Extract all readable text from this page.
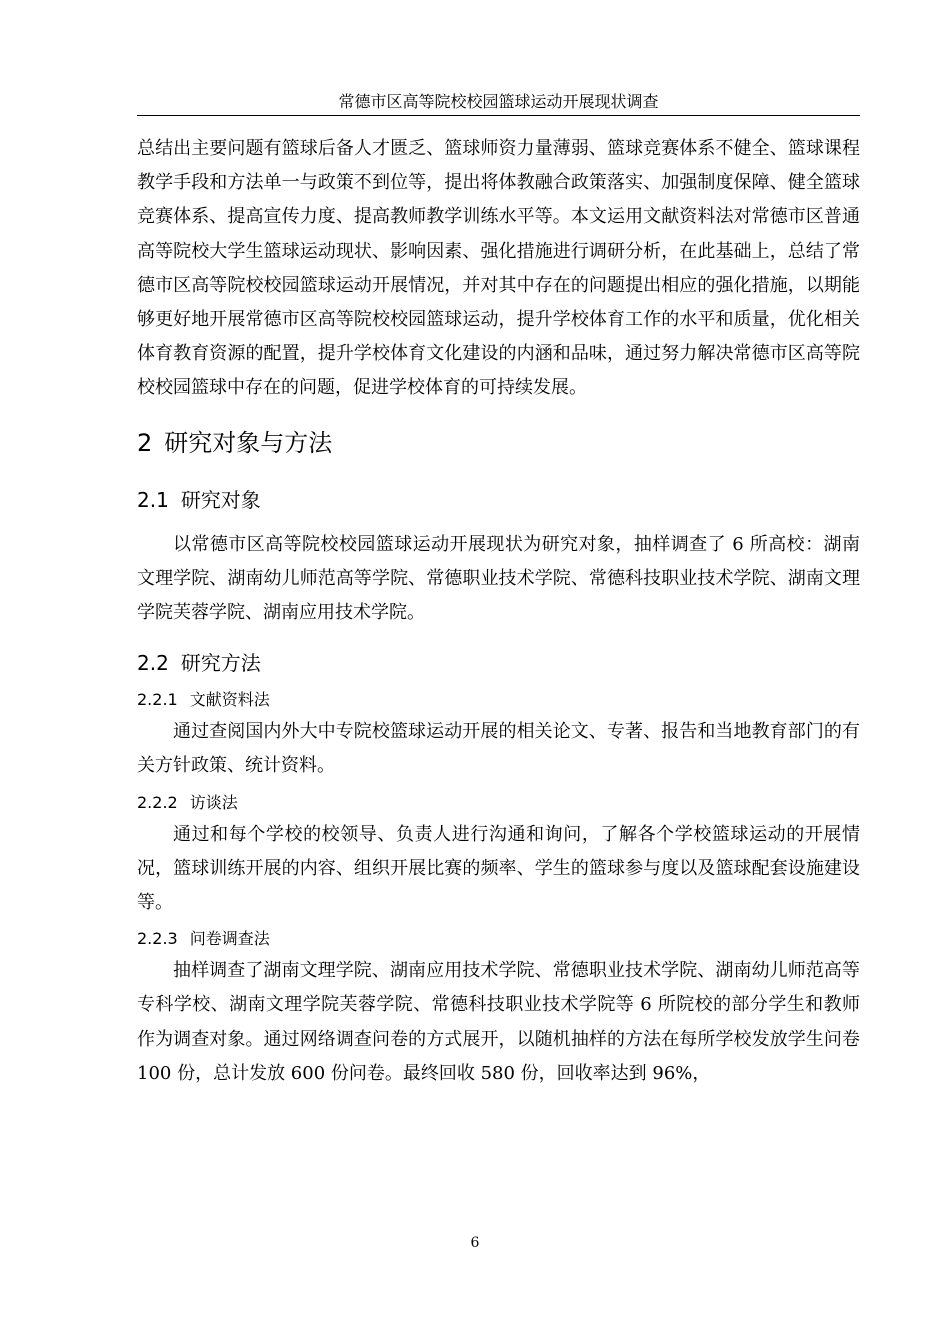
常德市区高等院校校园篮球运动开展现状调查

总结出主要问题有篮球后备人才匮乏、篮球师资力量薄弱、篮球竞赛体系不健全、篮球课程教学手段和方法单一与政策不到位等，提出将体教融合政策落实、加强制度保障、健全篮球竞赛体系、提高宣传力度、提高教师教学训练水平等。本文运用文献资料法对常德市区普通高等院校大学生篮球运动现状、影响因素、强化措施进行调研分析，在此基础上，总结了常德市区高等院校校园篮球运动开展情况，并对其中存在的问题提出相应的强化措施，以期能够更好地开展常德市区高等院校校园篮球运动，提升学校体育工作的水平和质量，优化相关体育教育资源的配置，提升学校体育文化建设的内涵和品味，通过努力解决常德市区高等院校校园篮球中存在的问题，促进学校体育的可持续发展。

2 研究对象与方法
2.1 研究对象

以常德市区高等院校校园篮球运动开展现状为研究对象，抽样调查了 6 所高校：湖南文理学院、湖南幼儿师范高等学院、常德职业技术学院、常德科技职业技术学院、湖南文理学院芙蓉学院、湖南应用技术学院。

2.2 研究方法
2.2.1 文献资料法

通过查阅国内外大中专院校篮球运动开展的相关论文、专著、报告和当地教育部门的有关方针政策、统计资料。

2.2.2 访谈法

通过和每个学校的校领导、负责人进行沟通和询问，了解各个学校篮球运动的开展情况，篮球训练开展的内容、组织开展比赛的频率、学生的篮球参与度以及篮球配套设施建设等。

2.2.3 问卷调查法

抽样调查了湖南文理学院、湖南应用技术学院、常德职业技术学院、湖南幼儿师范高等专科学校、湖南文理学院芙蓉学院、常德科技职业技术学院等 6 所院校的部分学生和教师作为调查对象。通过网络调查问卷的方式展开，以随机抽样的方法在每所学校发放学生问卷 100 份，总计发放 600 份问卷。最终回收 580 份，回收率达到 96%，

6
